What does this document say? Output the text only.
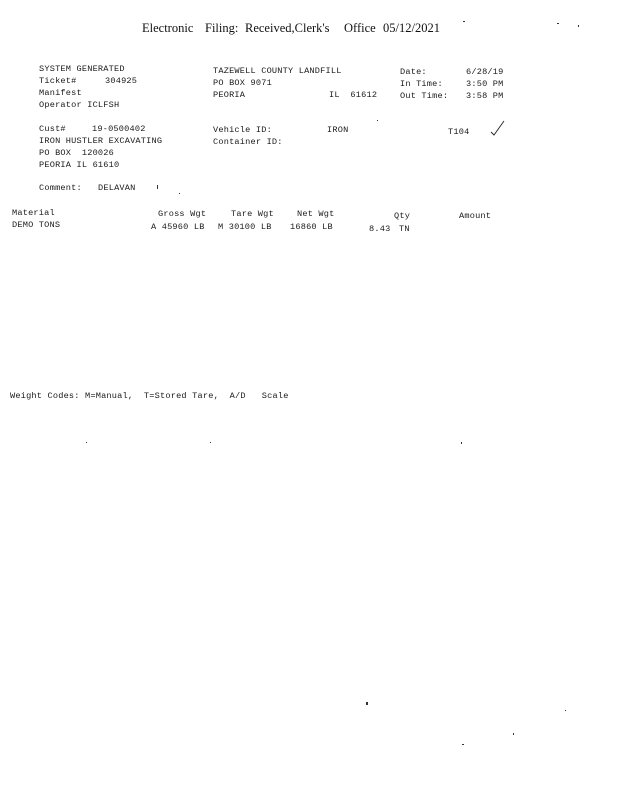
Electronic Filing: Received,Clerk's Office 05/12/2021
SYSTEM GENERATED
Ticket#	304925
Manifest
Operator ICLFSH
TAZEWELL COUNTY LANDFILL
PO BOX 9071
PEORIA	IL  61612
Date:	6/28/19
In Time:	3:50 PM
Out Time: 3:58 PM
Cust#	19-0500402
IRON HUSTLER EXCAVATING
PO BOX  120026
PEORIA IL 61610
Vehicle ID:	IRON
Container ID:
T104
Comment: DELAVAN
Material	Gross Wgt	Tare Wgt	Net Wgt	Qty	Amount
DEMO TONS	A 45960 LB M 30100 LB 16860 LB	8.43 TN
Weight Codes: M=Manual,  T=Stored Tare,  A/D   Scale
